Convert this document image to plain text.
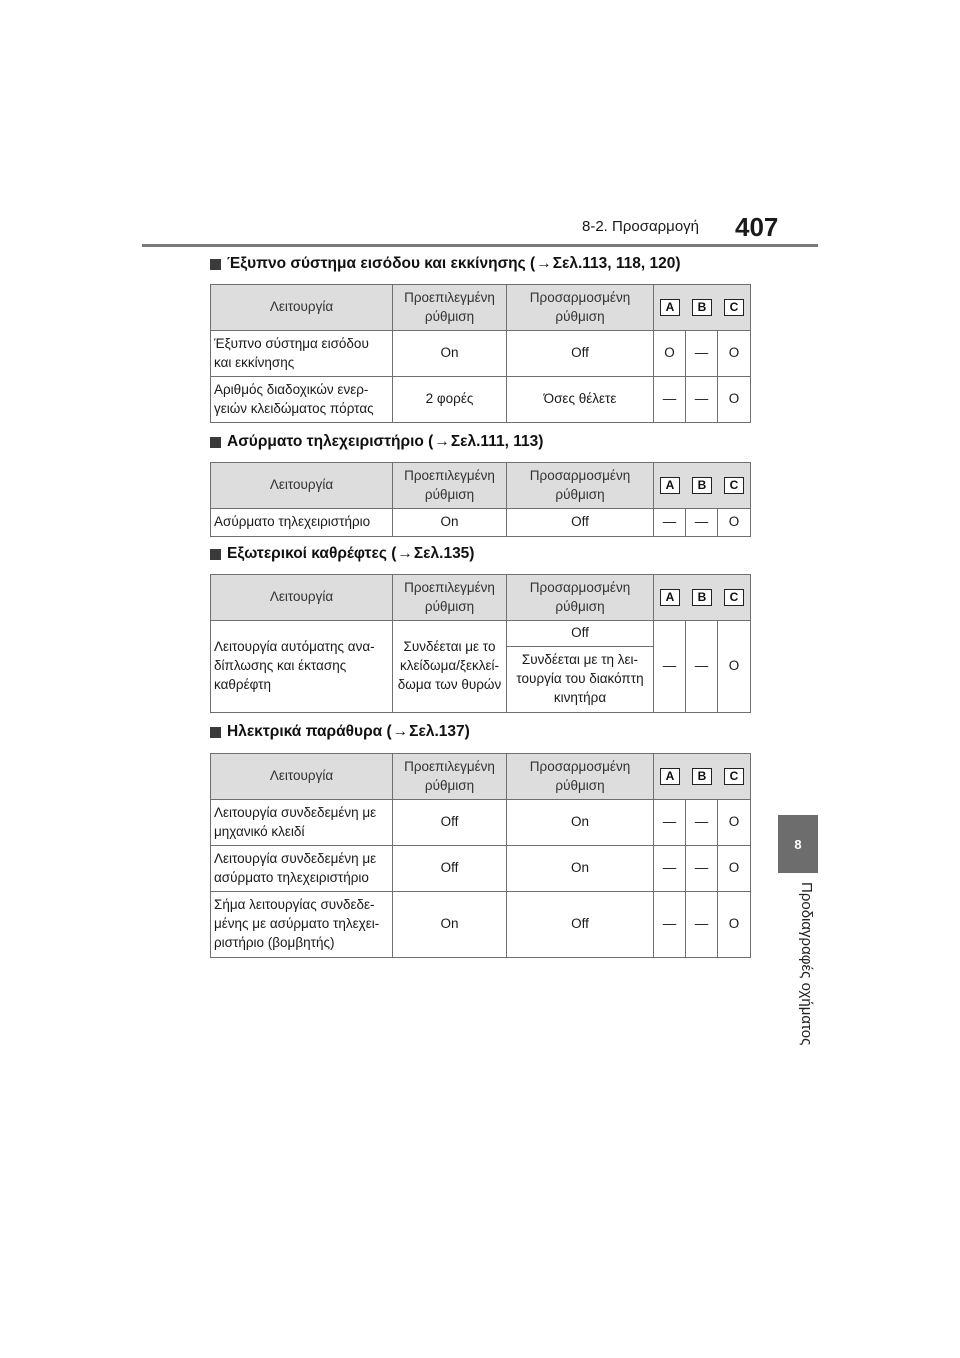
8-2. Προσαρμογή 407
8
Προδιαγραφές οχήματος
Έξυπνο σύστημα εισόδου και εκκίνησης ( → Σελ.113, 118, 120)
Λειτουργία	Προεπιλεγμένη ρύθμιση	Προσαρμοσμένη ρύθμιση	A B C		

Έξυπνο σύστημα εισόδου και εκκίνησης	On	Off	O	—	O
Αριθμός διαδοχικών ενερ-γειών κλειδώματος πόρτας	2 φορές	Όσες θέλετε	—	—	O
Ασύρματο τηλεχειριστήριο ( → Σελ.111, 113)
Λειτουργία	Προεπιλεγμένη ρύθμιση	Προσαρμοσμένη ρύθμιση	A B C		

Ασύρματο τηλεχειριστήριο	On	Off	—	—	O
Εξωτερικοί καθρέφτες ( → Σελ.135)
Λειτουργία	Προεπιλεγμένη ρύθμιση	Προσαρμοσμένη ρύθμιση	A B C		

Λειτουργία αυτόματης ανα-δίπλωσης και έκτασης καθρέφτη	Συνδέεται με το κλείδωμα/ξεκλεί-δωμα των θυρών	Off	—	—	O
		Συνδέεται με τη λει-τουργία του διακόπτη κινητήρα			
Ηλεκτρικά παράθυρα ( → Σελ.137)
Λειτουργία	Προεπιλεγμένη ρύθμιση	Προσαρμοσμένη ρύθμιση	A B C		

Λειτουργία συνδεδεμένη με μηχανικό κλειδί	Off	On	—	—	O
Λειτουργία συνδεδεμένη με ασύρματο τηλεχειριστήριο	Off	On	—	—	O
Σήμα λειτουργίας συνδεδε-μένης με ασύρματο τηλεχει-ριστήριο (βομβητής)	On	Off	—	—	O
